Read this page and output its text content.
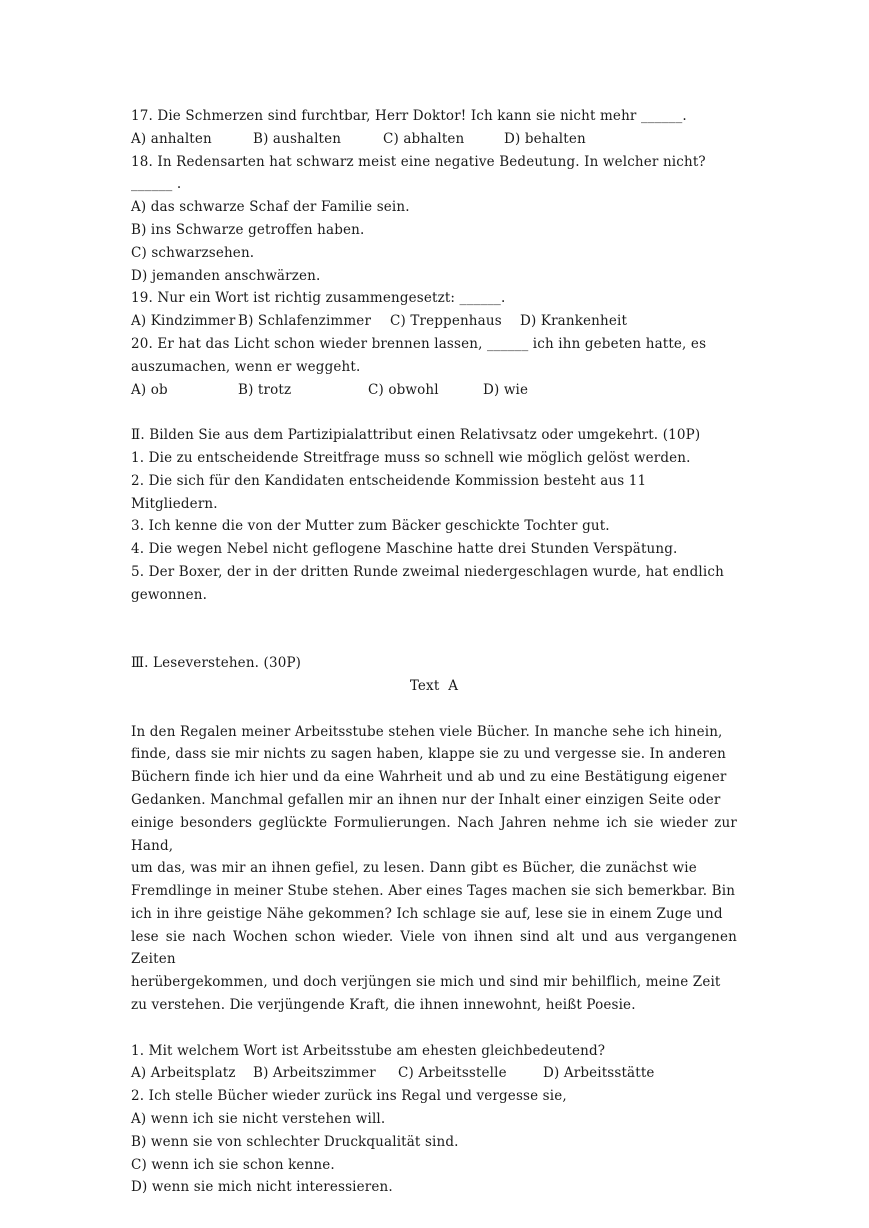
17. Die Schmerzen sind furchtbar, Herr Doktor! Ich kann sie nicht mehr ______.
A) anhalten	B) aushalten	C) abhalten	D) behalten
18. In Redensarten hat schwarz meist eine negative Bedeutung. In welcher nicht?
______ .
A) das schwarze Schaf der Familie sein.
B) ins Schwarze getroffen haben.
C) schwarzsehen.
D) jemanden anschwärzen.
19. Nur ein Wort ist richtig zusammengesetzt: ______.
A) Kindzimmer B) Schlafenzimmer	C) Treppenhaus	D) Krankenheit
20. Er hat das Licht schon wieder brennen lassen, ______ ich ihn gebeten hatte, es
auszumachen, wenn er weggeht.
A) ob	B) trotz	C) obwohl	D) wie
Ⅱ. Bilden Sie aus dem Partizipialattribut einen Relativsatz oder umgekehrt. (10P)
1. Die zu entscheidende Streitfrage muss so schnell wie möglich gelöst werden.
2. Die sich für den Kandidaten entscheidende Kommission besteht aus 11 Mitgliedern.
3. Ich kenne die von der Mutter zum Bäcker geschickte Tochter gut.
4. Die wegen Nebel nicht geflogene Maschine hatte drei Stunden Verspätung.
5. Der Boxer, der in der dritten Runde zweimal niedergeschlagen wurde, hat endlich
gewonnen.
Ⅲ. Leseverstehen. (30P)
Text  A
In den Regalen meiner Arbeitsstube stehen viele Bücher. In manche sehe ich hinein,
finde, dass sie mir nichts zu sagen haben, klappe sie zu und vergesse sie. In anderen
Büchern finde ich hier und da eine Wahrheit und ab und zu eine Bestätigung eigener
Gedanken. Manchmal gefallen mir an ihnen nur der Inhalt einer einzigen Seite oder
einige besonders geglückte Formulierungen. Nach Jahren nehme ich sie wieder zur Hand,
um das, was mir an ihnen gefiel, zu lesen. Dann gibt es Bücher, die zunächst wie
Fremdlinge in meiner Stube stehen. Aber eines Tages machen sie sich bemerkbar. Bin
ich in ihre geistige Nähe gekommen? Ich schlage sie auf, lese sie in einem Zuge und
lese sie nach Wochen schon wieder. Viele von ihnen sind alt und aus vergangenen Zeiten
herübergekommen, und doch verjüngen sie mich und sind mir behilflich, meine Zeit
zu verstehen. Die verjüngende Kraft, die ihnen innewohnt, heißt Poesie.
1. Mit welchem Wort ist Arbeitsstube am ehesten gleichbedeutend?
A) Arbeitsplatz	B) Arbeitszimmer	C) Arbeitsstelle	D) Arbeitsstätte
2. Ich stelle Bücher wieder zurück ins Regal und vergesse sie,
A) wenn ich sie nicht verstehen will.
B) wenn sie von schlechter Druckqualität sind.
C) wenn ich sie schon kenne.
D) wenn sie mich nicht interessieren.
